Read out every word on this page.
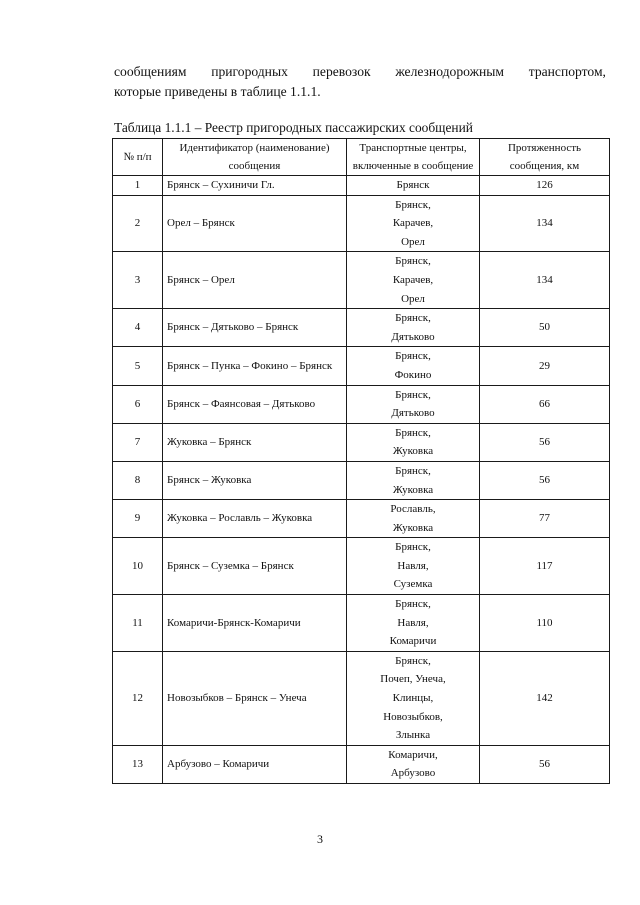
сообщениям пригородных перевозок железнодорожным транспортом,
которые приведены в таблице 1.1.1.
Таблица 1.1.1 – Реестр пригородных пассажирских сообщений
№ п/п	Идентификатор (наименование) сообщения	Транспортные центры, включенные в сообщение	Протяженность сообщения, км
1	Брянск – Сухиничи Гл.	Брянск	126
2	Орел – Брянск	Брянск,
Карачев,
Орел	134
3	Брянск – Орел	Брянск,
Карачев,
Орел	134
4	Брянск – Дятьково – Брянск	Брянск,
Дятьково	50
5	Брянск – Пунка – Фокино – Брянск	Брянск,
Фокино	29
6	Брянск – Фаянсовая – Дятьково	Брянск,
Дятьково	66
7	Жуковка – Брянск	Брянск,
Жуковка	56
8	Брянск – Жуковка	Брянск,
Жуковка	56
9	Жуковка – Рославль – Жуковка	Рославль,
Жуковка	77
10	Брянск – Суземка – Брянск	Брянск,
Навля,
Суземка	117
11	Комаричи-Брянск-Комаричи	Брянск,
Навля,
Комаричи	110
12	Новозыбков – Брянск – Унеча	Брянск,
Почеп, Унеча,
Клинцы,
Новозыбков,
Злынка	142
13	Арбузово – Комаричи	Комаричи,
Арбузово	56
3
